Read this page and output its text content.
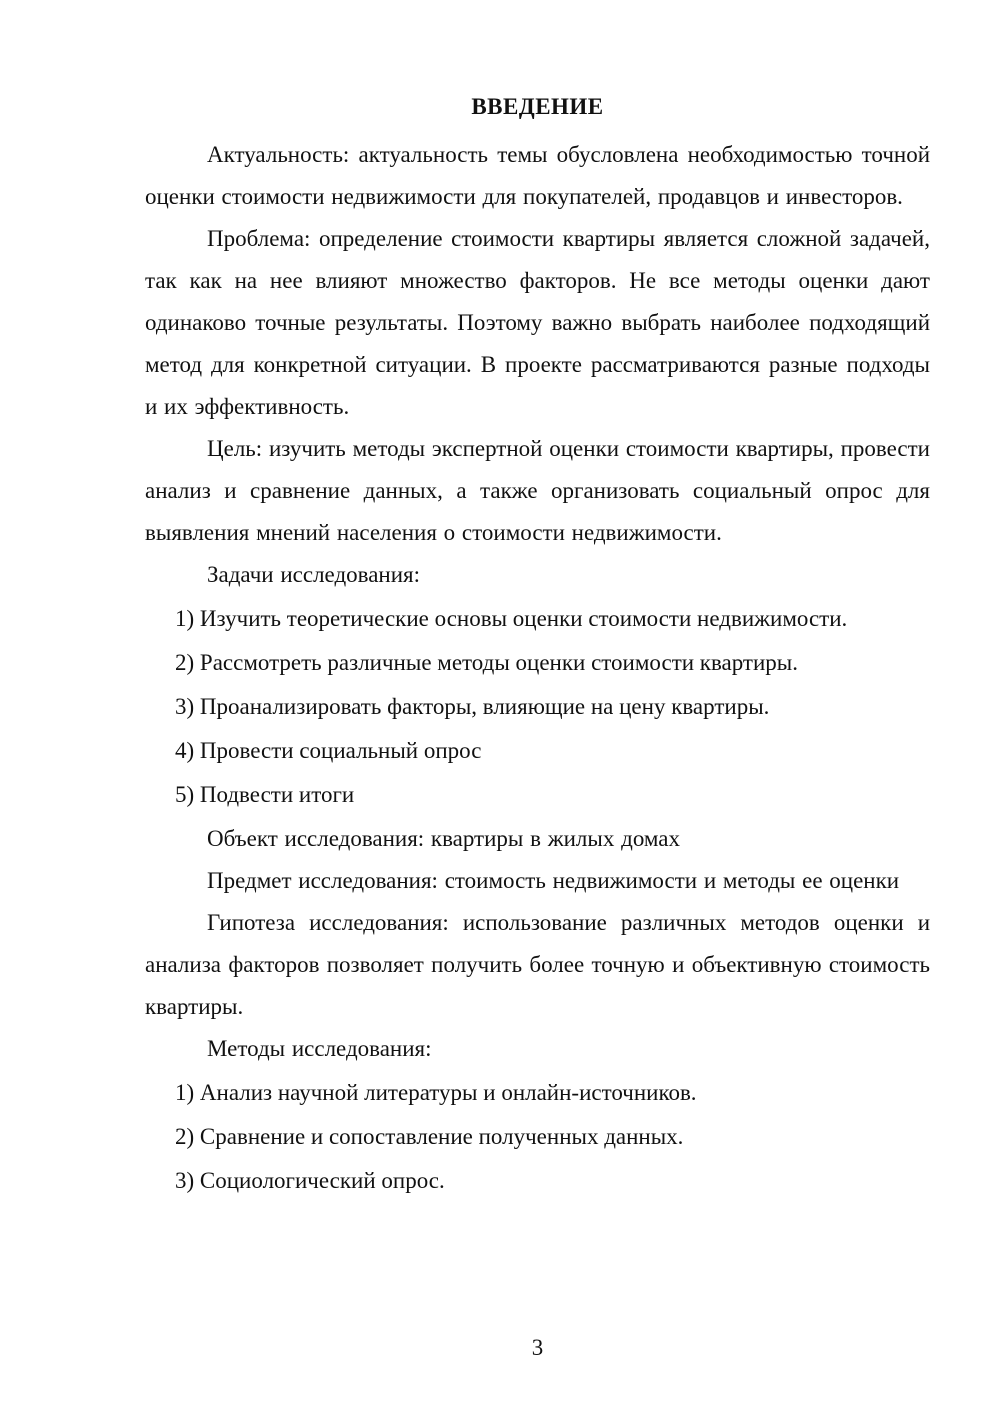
ВВЕДЕНИЕ

Актуальность: актуальность темы обусловлена необходимостью точной оценки стоимости недвижимости для покупателей, продавцов и инвесторов.

Проблема: определение стоимости квартиры является сложной задачей, так как на нее влияют множество факторов. Не все методы оценки дают одинаково точные результаты. Поэтому важно выбрать наиболее подходящий метод для конкретной ситуации. В проекте рассматриваются разные подходы и их эффективность.

Цель: изучить методы экспертной оценки стоимости квартиры, провести анализ и сравнение данных, а также организовать социальный опрос для выявления мнений населения о стоимости недвижимости.

Задачи исследования:

1) Изучить теоретические основы оценки стоимости недвижимости.

2) Рассмотреть различные методы оценки стоимости квартиры.

3) Проанализировать факторы, влияющие на цену квартиры.

4) Провести социальный опрос

5) Подвести итоги

Объект исследования: квартиры в жилых домах

Предмет исследования: стоимость недвижимости и методы ее оценки

Гипотеза исследования: использование различных методов оценки и анализа факторов позволяет получить более точную и объективную стоимость квартиры.

Методы исследования:

1) Анализ научной литературы и онлайн-источников.

2) Сравнение и сопоставление полученных данных.

3) Социологический опрос.

3
